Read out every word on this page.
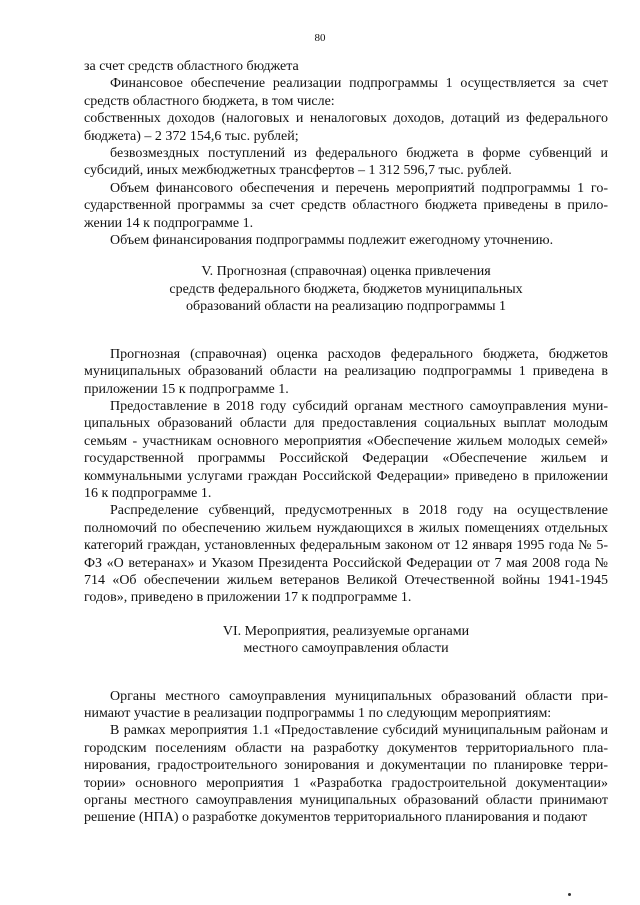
80

за счет средств областного бюджета

Финансовое обеспечение реализации подпрограммы 1 осуществляется за счет средств областного бюджета, в том числе:

собственных доходов (налоговых и неналоговых доходов, дотаций из федерального бюджета) – 2 372 154,6 тыс. рублей;

безвозмездных поступлений из федерального бюджета в форме субвенций и субсидий, иных межбюджетных трансфертов – 1 312 596,7 тыс. рублей.

Объем финансового обеспечения и перечень мероприятий подпрограммы 1 государственной программы за счет средств областного бюджета приведены в приложении 14 к подпрограмме 1.

Объем финансирования подпрограммы подлежит ежегодному уточнению.

V. Прогнозная (справочная) оценка привлечения
средств федерального бюджета, бюджетов муниципальных
образований области на реализацию подпрограммы 1

Прогнозная (справочная) оценка расходов федерального бюджета, бюджетов муниципальных образований области на реализацию подпрограммы 1 приведена в приложении 15 к подпрограмме 1.

Предоставление в 2018 году субсидий органам местного самоуправления муниципальных образований области для предоставления социальных выплат молодым семьям - участникам основного мероприятия «Обеспечение жильем молодых семей» государственной программы Российской Федерации «Обеспечение жильем и коммунальными услугами граждан Российской Федерации» приведено в приложении 16 к подпрограмме 1.

Распределение субвенций, предусмотренных в 2018 году на осуществление полномочий по обеспечению жильем нуждающихся в жилых помещениях отдельных категорий граждан, установленных федеральным законом от 12 января 1995 года № 5- ФЗ «О ветеранах» и Указом Президента Российской Федерации от 7 мая 2008 года № 714 «Об обеспечении жильем ветеранов Великой Отечественной войны 1941-1945 годов», приведено в приложении 17 к подпрограмме 1.

VI. Мероприятия, реализуемые органами
местного самоуправления области

Органы местного самоуправления муниципальных образований области принимают участие в реализации подпрограммы 1 по следующим мероприятиям:

В рамках мероприятия 1.1 «Предоставление субсидий муниципальным районам и городским поселениям области на разработку документов территориального планирования, градостроительного зонирования и документации по планировке территории» основного мероприятия 1 «Разработка градостроительной документации» органы местного самоуправления муниципальных образований области принимают решение (НПА) о разработке документов территориального планирования и подают
